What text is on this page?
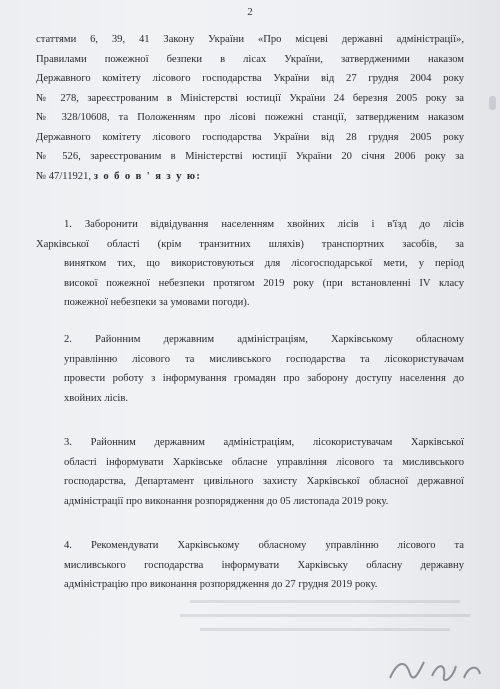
2
статтями 6, 39, 41 Закону України «Про місцеві державні адміністрації»,
Правилами пожежної безпеки в лісах України, затвердженими наказом
Державного комітету лісового господарства України від 27 грудня 2004 року
№ 278, зареєстрованим в Міністерстві юстиції України 24 березня 2005 року за
№ 328/10608, та Положенням про лісові пожежні станції, затвердженим наказом
Державного комітету лісового господарства України від 28 грудня 2005 року
№ 526, зареєстрованим в Міністерстві юстиції України 20 січня 2006 року за
№ 47/11921, з о б о в ' я з у ю:
1. Заборонити відвідування населенням хвойних лісів і в'їзд до лісів
Харківської області (крім транзитних шляхів) транспортних засобів, за
винятком тих, що використовуються для лісогосподарської мети, у період
високої пожежної небезпеки протягом 2019 року (при встановленні IV класу
пожежної небезпеки за умовами погоди).
2. Районним державним адміністраціям, Харківському обласному
управлінню лісового та мисливського господарства та лісокористувачам
провести роботу з інформування громадян про заборону доступу населення до
хвойних лісів.
3. Районним державним адміністраціям, лісокористувачам Харківської
області інформувати Харківське обласне управління лісового та мисливського
господарства, Департамент цивільного захисту Харківської обласної державної
адміністрації про виконання розпорядження до 05 листопада 2019 року.
4. Рекомендувати Харківському обласному управлінню лісового та
мисливського господарства інформувати Харківську обласну державну
адміністрацію про виконання розпорядження до 27 грудня 2019 року.
